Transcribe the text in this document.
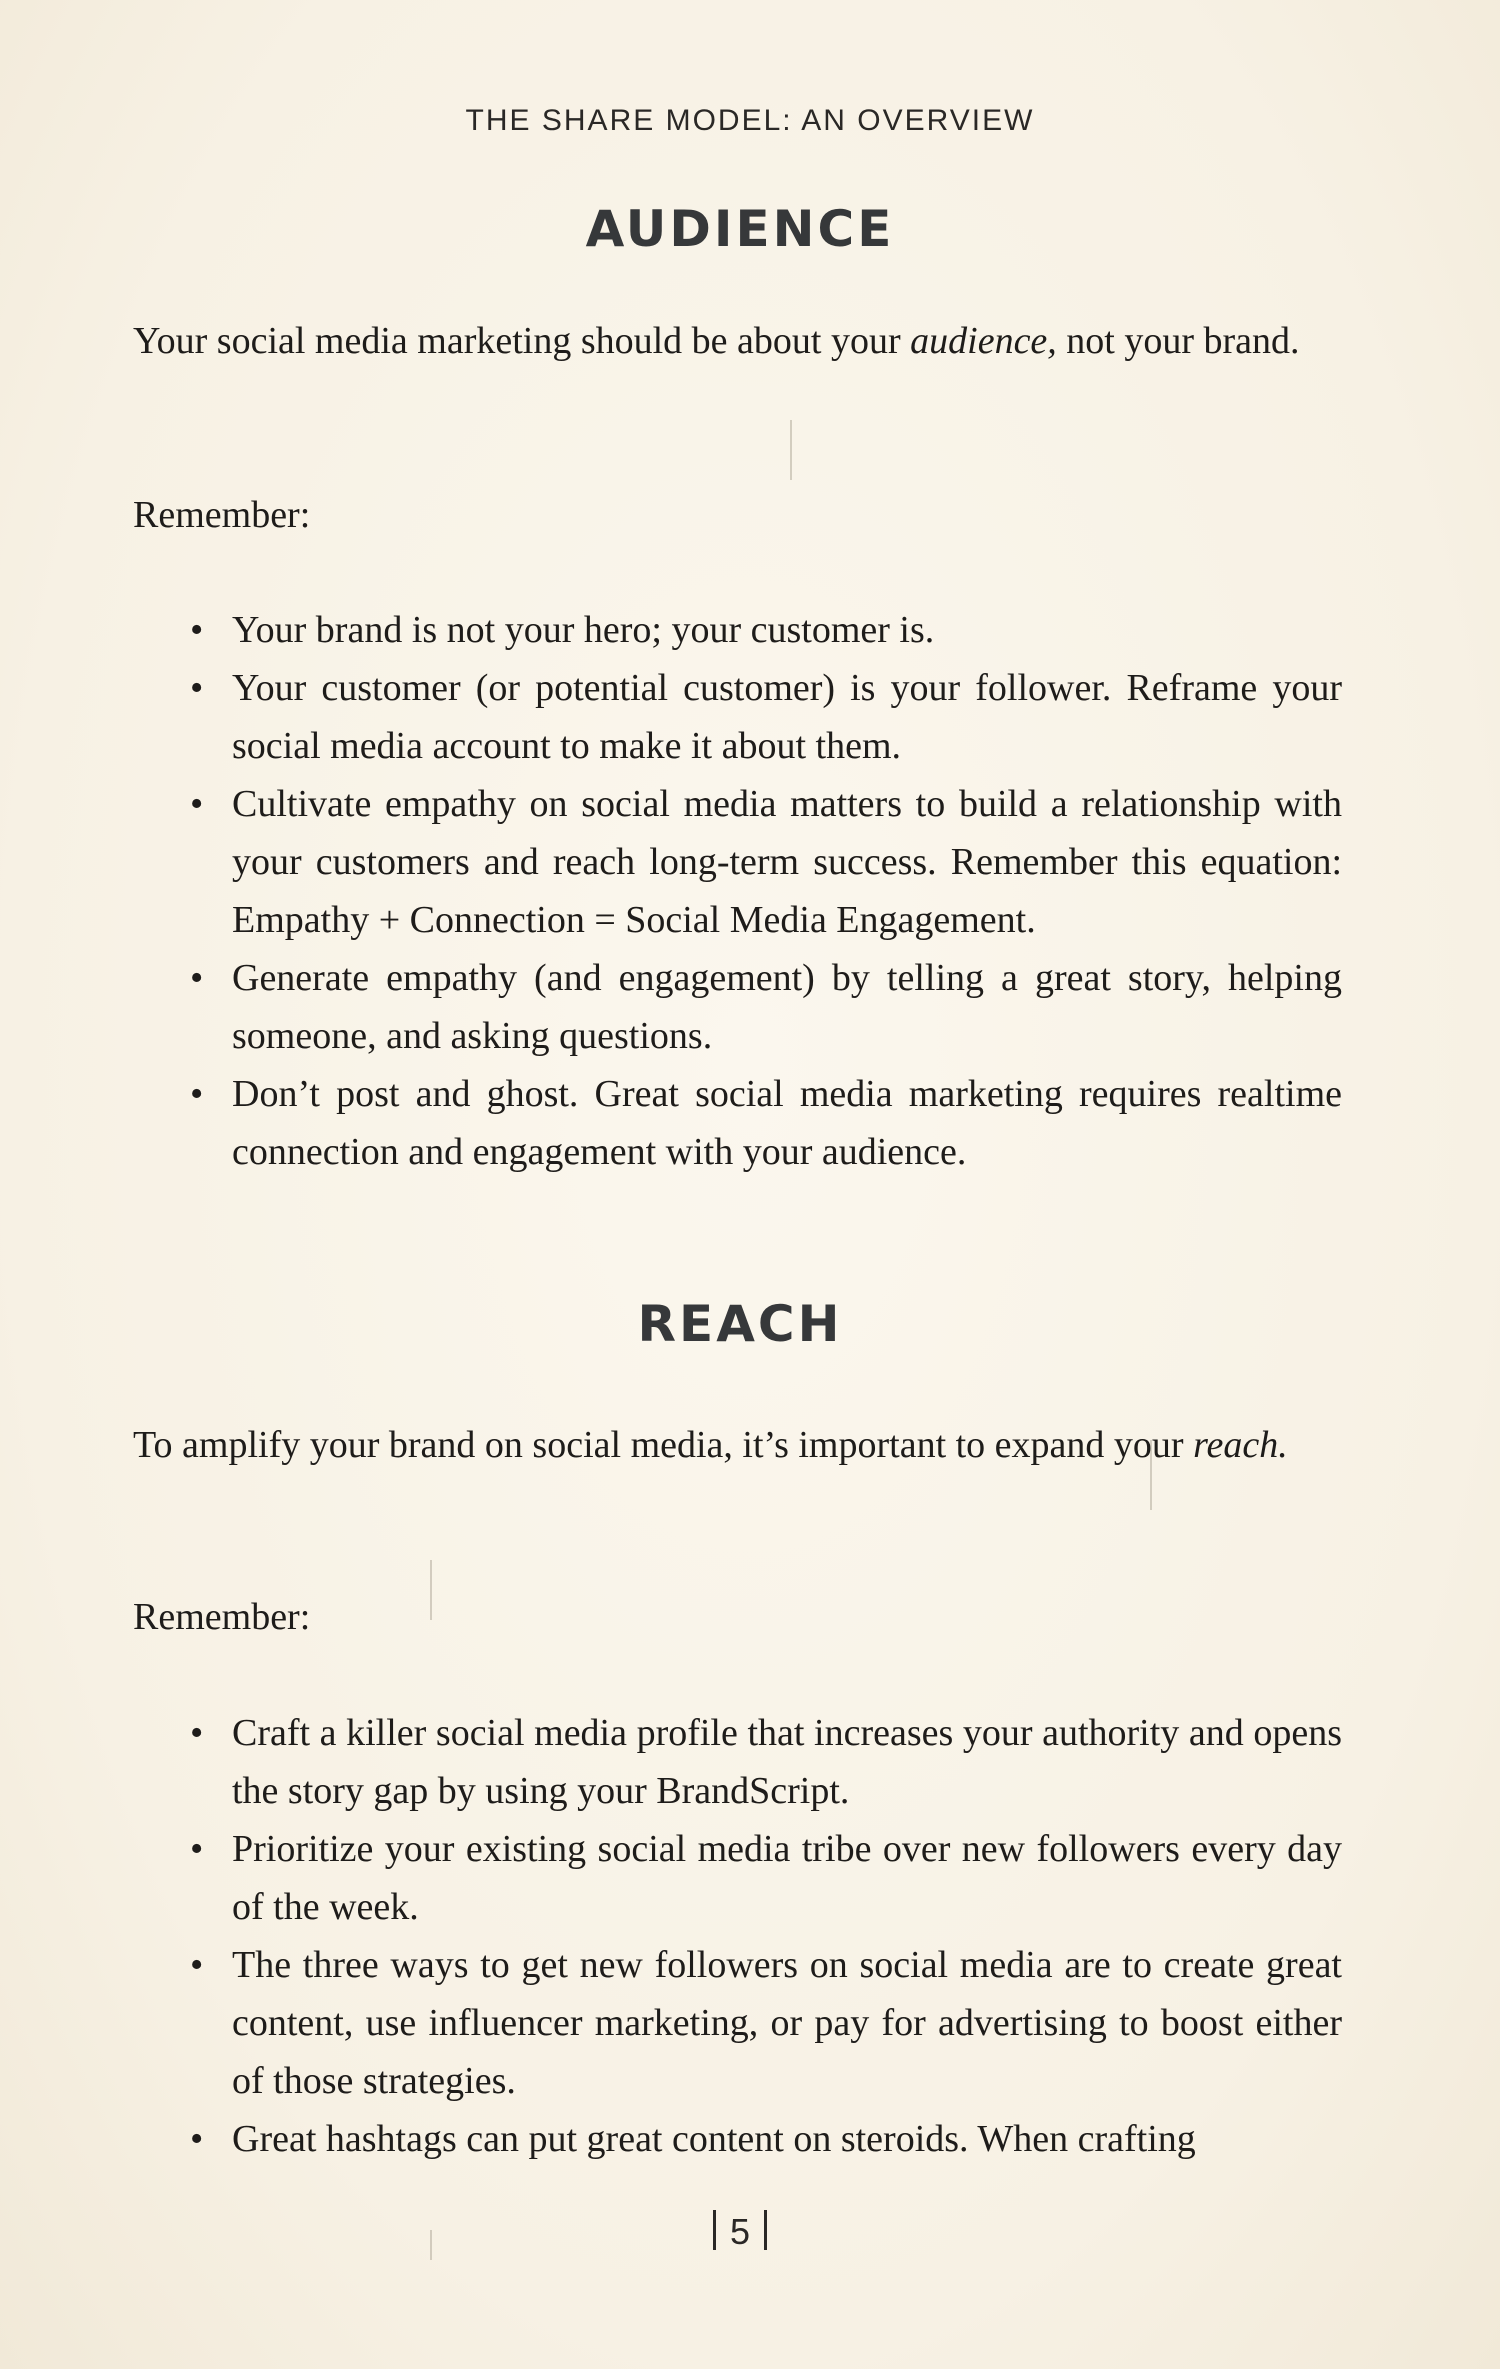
THE SHARE MODEL: AN OVERVIEW
AUDIENCE

Your social media marketing should be about your audience, not your brand.

Remember:

• Your brand is not your hero; your customer is.
• Your customer (or potential customer) is your follower. Reframe your social media account to make it about them.
• Cultivate empathy on social media matters to build a relationship with your customers and reach long-term success. Remember this equation: Empathy + Connection = Social Media Engagement.
• Generate empathy (and engagement) by telling a great story, helping someone, and asking questions.
• Don’t post and ghost. Great social media marketing requires realtime connection and engagement with your audience.
REACH

To amplify your brand on social media, it’s important to expand your reach.

Remember:

• Craft a killer social media profile that increases your authority and opens the story gap by using your BrandScript.
• Prioritize your existing social media tribe over new followers every day of the week.
• The three ways to get new followers on social media are to create great content, use influencer marketing, or pay for advertising to boost either of those strategies.
• Great hashtags can put great content on steroids. When crafting
5
